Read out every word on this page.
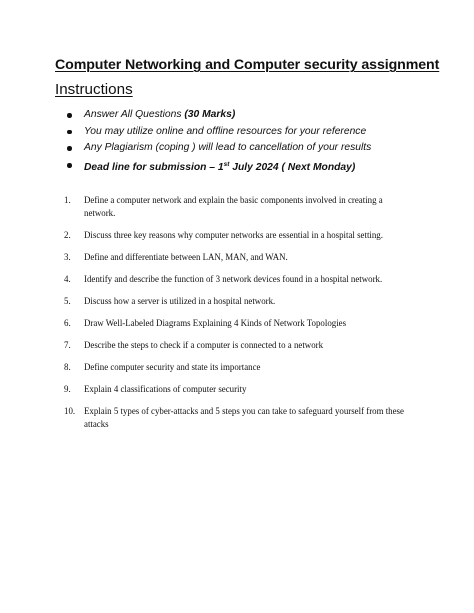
Computer Networking and Computer security assignment
Instructions
Answer All Questions (30 Marks)
You may utilize online and offline resources for your reference
Any Plagiarism (coping ) will lead to cancellation of your results
Dead line for submission – 1st July 2024 ( Next Monday)
1.	Define a computer network and explain the basic components involved in creating a network.
2.	Discuss three key reasons why computer networks are essential in a hospital setting.
3.	Define and differentiate between LAN, MAN, and WAN.
4.	Identify and describe the function of 3 network devices found in a hospital network.
5.	Discuss how a server is utilized in a hospital network.
6.	Draw Well-Labeled Diagrams Explaining 4 Kinds of Network Topologies
7.	Describe the steps to check if a computer is connected to a network
8.	Define computer security and state its importance
9.	Explain 4 classifications of computer security
10.	Explain 5 types of cyber-attacks and 5 steps you can take to safeguard yourself from these attacks
